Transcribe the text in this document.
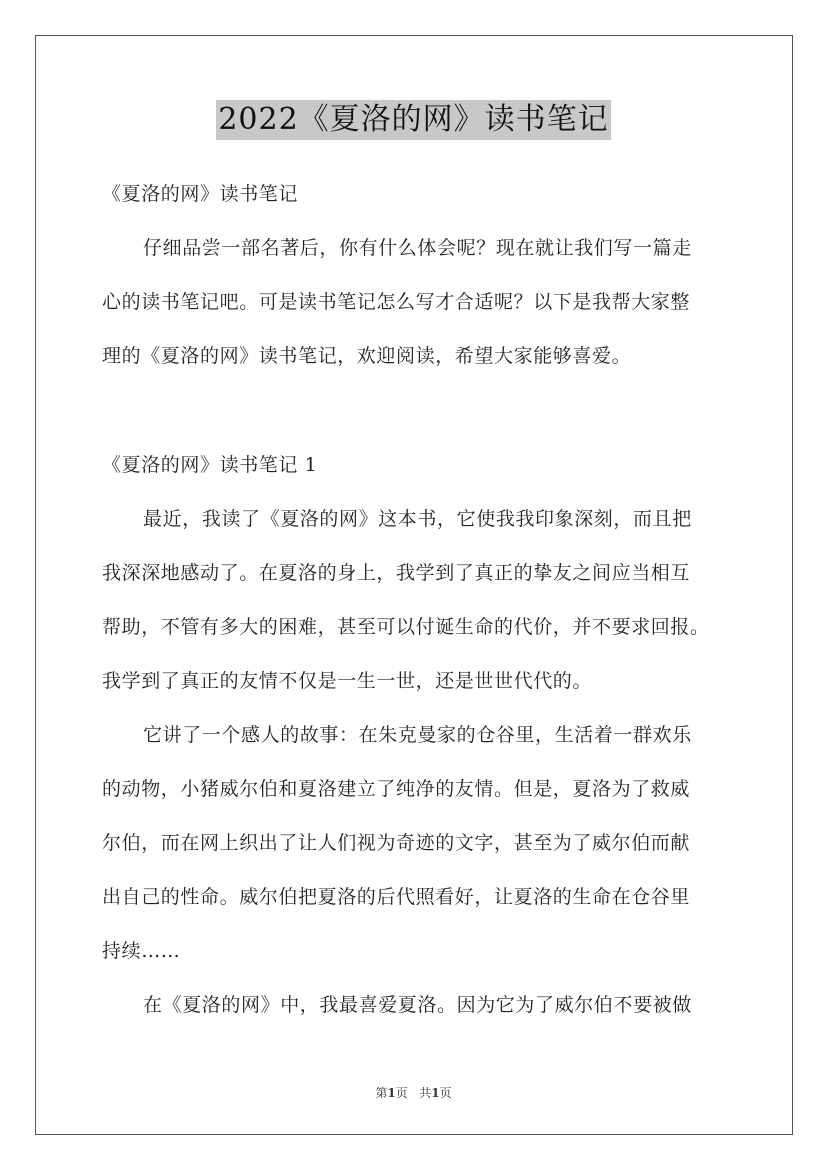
2022《夏洛的网》读书笔记
《夏洛的网》读书笔记
仔细品尝一部名著后，你有什么体会呢？现在就让我们写一篇走
心的读书笔记吧。可是读书笔记怎么写才合适呢？以下是我帮大家整
理的《夏洛的网》读书笔记，欢迎阅读，希望大家能够喜爱。
《夏洛的网》读书笔记 1
最近，我读了《夏洛的网》这本书，它使我我印象深刻，而且把
我深深地感动了。在夏洛的身上，我学到了真正的挚友之间应当相互
帮助，不管有多大的困难，甚至可以付诞生命的代价，并不要求回报。
我学到了真正的友情不仅是一生一世，还是世世代代的。
它讲了一个感人的故事：在朱克曼家的仓谷里，生活着一群欢乐
的动物，小猪威尔伯和夏洛建立了纯净的友情。但是，夏洛为了救威
尔伯，而在网上织出了让人们视为奇迹的文字，甚至为了威尔伯而献
出自己的性命。威尔伯把夏洛的后代照看好，让夏洛的生命在仓谷里
持续……
在《夏洛的网》中，我最喜爱夏洛。因为它为了威尔伯不要被做
第1页 共1页
